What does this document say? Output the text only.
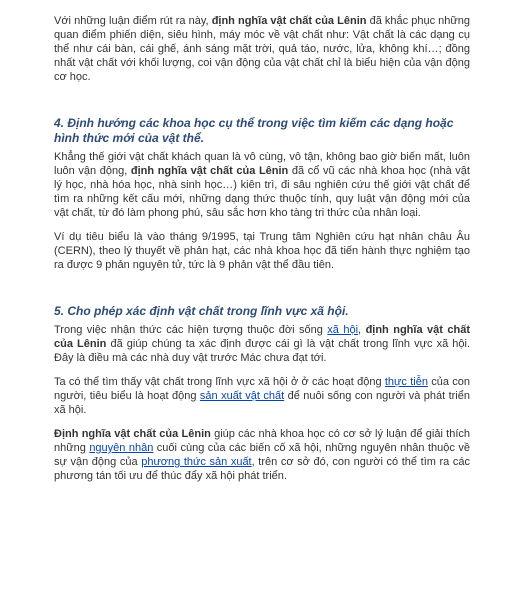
Với những luận điểm rút ra này, định nghĩa vật chất của Lênin đã khắc phục những quan điểm phiến diện, siêu hình, máy móc về vật chất như: Vật chất là các dạng cụ thể như cái bàn, cái ghế, ánh sáng mặt trời, quả táo, nước, lửa, không khí…; đồng nhất vật chất với khối lượng, coi vận động của vật chất chỉ là biểu hiện của vận động cơ học.

4. Định hướng các khoa học cụ thể trong việc tìm kiếm các dạng hoặc hình thức mới của vật thể.

Khẳng thế giới vật chất khách quan là vô cùng, vô tận, không bao giờ biến mất, luôn luôn vận động, định nghĩa vật chất của Lênin đã cổ vũ các nhà khoa học (nhà vật lý học, nhà hóa học, nhà sinh học…) kiên trì, đi sâu nghiên cứu thế giới vật chất để tìm ra những kết cấu mới, những dạng thức thuộc tính, quy luật vận động mới của vật chất, từ đó làm phong phú, sâu sắc hơn kho tàng tri thức của nhân loại.

Ví dụ tiêu biểu là vào tháng 9/1995, tại Trung tâm Nghiên cứu hạt nhân châu Âu (CERN), theo lý thuyết về phản hạt, các nhà khoa học đã tiến hành thực nghiệm tạo ra được 9 phản nguyên tử, tức là 9 phản vật thể đầu tiên.

5. Cho phép xác định vật chất trong lĩnh vực xã hội.

Trong việc nhận thức các hiện tượng thuộc đời sống xã hội, định nghĩa vật chất của Lênin đã giúp chúng ta xác định được cái gì là vật chất trong lĩnh vực xã hội. Đây là điều mà các nhà duy vật trước Mác chưa đạt tới.

Ta có thể tìm thấy vật chất trong lĩnh vực xã hội ở ở các hoạt động thực tiễn của con người, tiêu biểu là hoạt động sản xuất vật chất để nuôi sống con người và phát triển xã hội.

Định nghĩa vật chất của Lênin giúp các nhà khoa học có cơ sở lý luận để giải thích những nguyên nhân cuối cùng của các biến cố xã hội, những nguyên nhân thuộc về sự vận động của phương thức sản xuất, trên cơ sở đó, con người có thể tìm ra các phương tán tối ưu để thúc đẩy xã hội phát triển.
